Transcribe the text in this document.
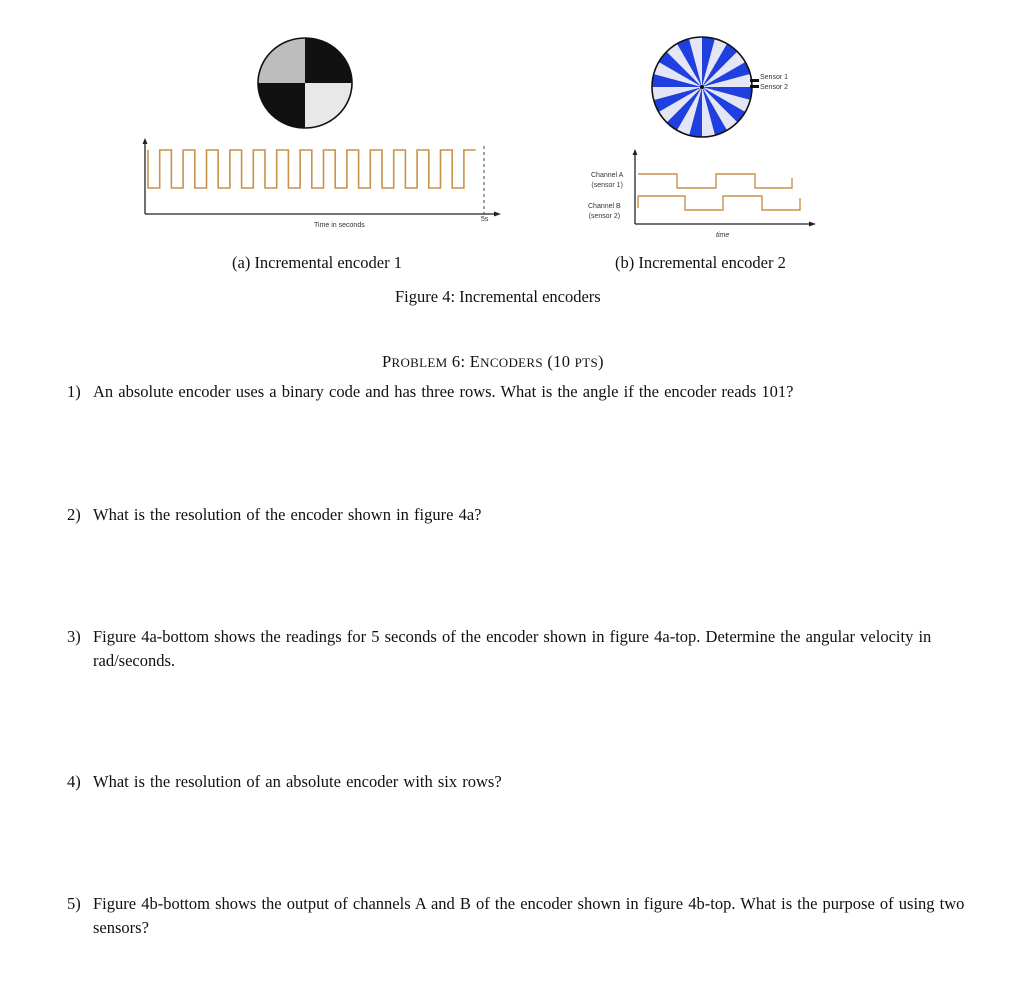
Time in seconds
5s
(a) Incremental encoder 1
Sensor 1
Sensor 2
Channel A
(sensor 1)
Channel B
(sensor 2)
time
(b) Incremental encoder 2
Figure 4: Incremental encoders
PROBLEM 6: ENCODERS (10 PTS)
1) An absolute encoder uses a binary code and has three rows. What is the angle if the encoder reads 101?
2) What is the resolution of the encoder shown in figure 4a?
3) Figure 4a-bottom shows the readings for 5 seconds of the encoder shown in figure 4a-top. Determine the angular velocity in rad/seconds.
4) What is the resolution of an absolute encoder with six rows?
5) Figure 4b-bottom shows the output of channels A and B of the encoder shown in figure 4b-top. What is the purpose of using two sensors?
